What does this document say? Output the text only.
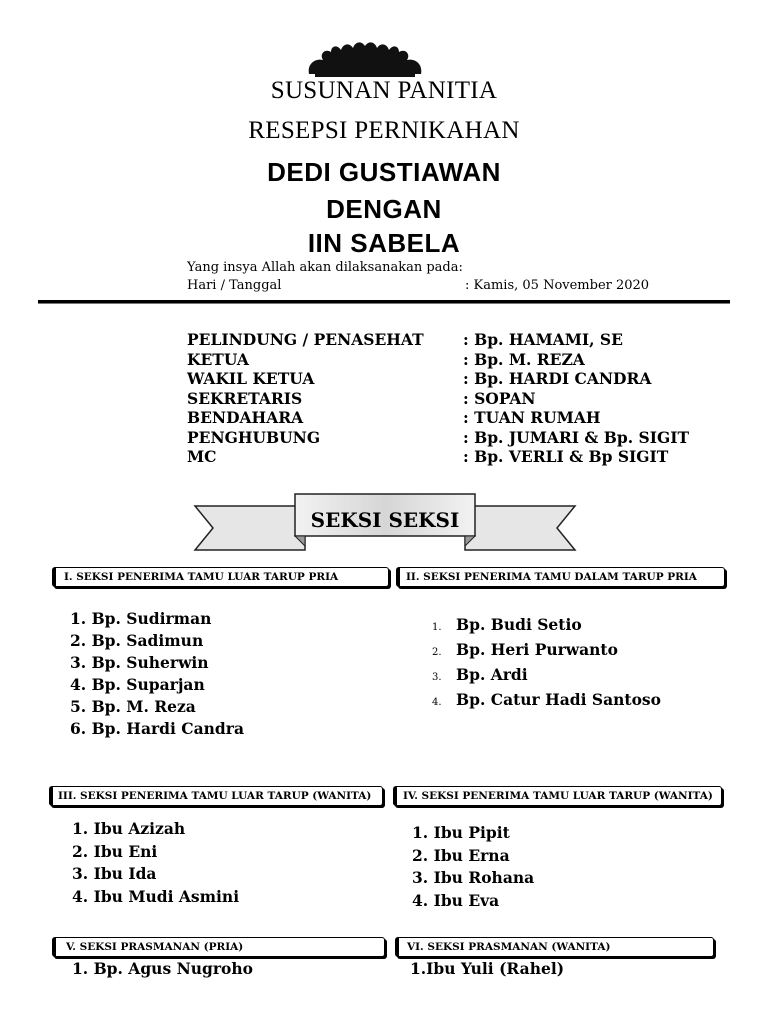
SUSUNAN PANITIA
RESEPSI PERNIKAHAN
DEDI GUSTIAWAN
DENGAN
IIN SABELA
Yang insya Allah akan dilaksanakan pada:
Hari / Tanggal	: Kamis, 05 November 2020
PELINDUNG / PENASEHAT
KETUA
WAKIL KETUA
SEKRETARIS
BENDAHARA
PENGHUBUNG
MC
: Bp. HAMAMI, SE
: Bp. M. REZA
: Bp. HARDI CANDRA
: SOPAN
: TUAN RUMAH
: Bp. JUMARI & Bp. SIGIT
: Bp. VERLI & Bp SIGIT
SEKSI SEKSI
I. SEKSI PENERIMA TAMU LUAR TARUP PRIA
1. Bp. Sudirman
2. Bp. Sadimun
3. Bp. Suherwin
4. Bp. Suparjan
5. Bp. M. Reza
6. Bp. Hardi Candra
II. SEKSI PENERIMA TAMU DALAM TARUP PRIA
1. Bp. Budi Setio
2. Bp. Heri Purwanto
3. Bp. Ardi
4. Bp. Catur Hadi Santoso
III. SEKSI PENERIMA TAMU LUAR TARUP (WANITA)
1. Ibu Azizah
2. Ibu Eni
3. Ibu Ida
4. Ibu Mudi Asmini
IV. SEKSI PENERIMA TAMU LUAR TARUP (WANITA)
1. Ibu Pipit
2. Ibu Erna
3. Ibu Rohana
4. Ibu Eva
V. SEKSI PRASMANAN (PRIA)
1. Bp. Agus Nugroho
VI. SEKSI PRASMANAN (WANITA)
1.Ibu Yuli (Rahel)
